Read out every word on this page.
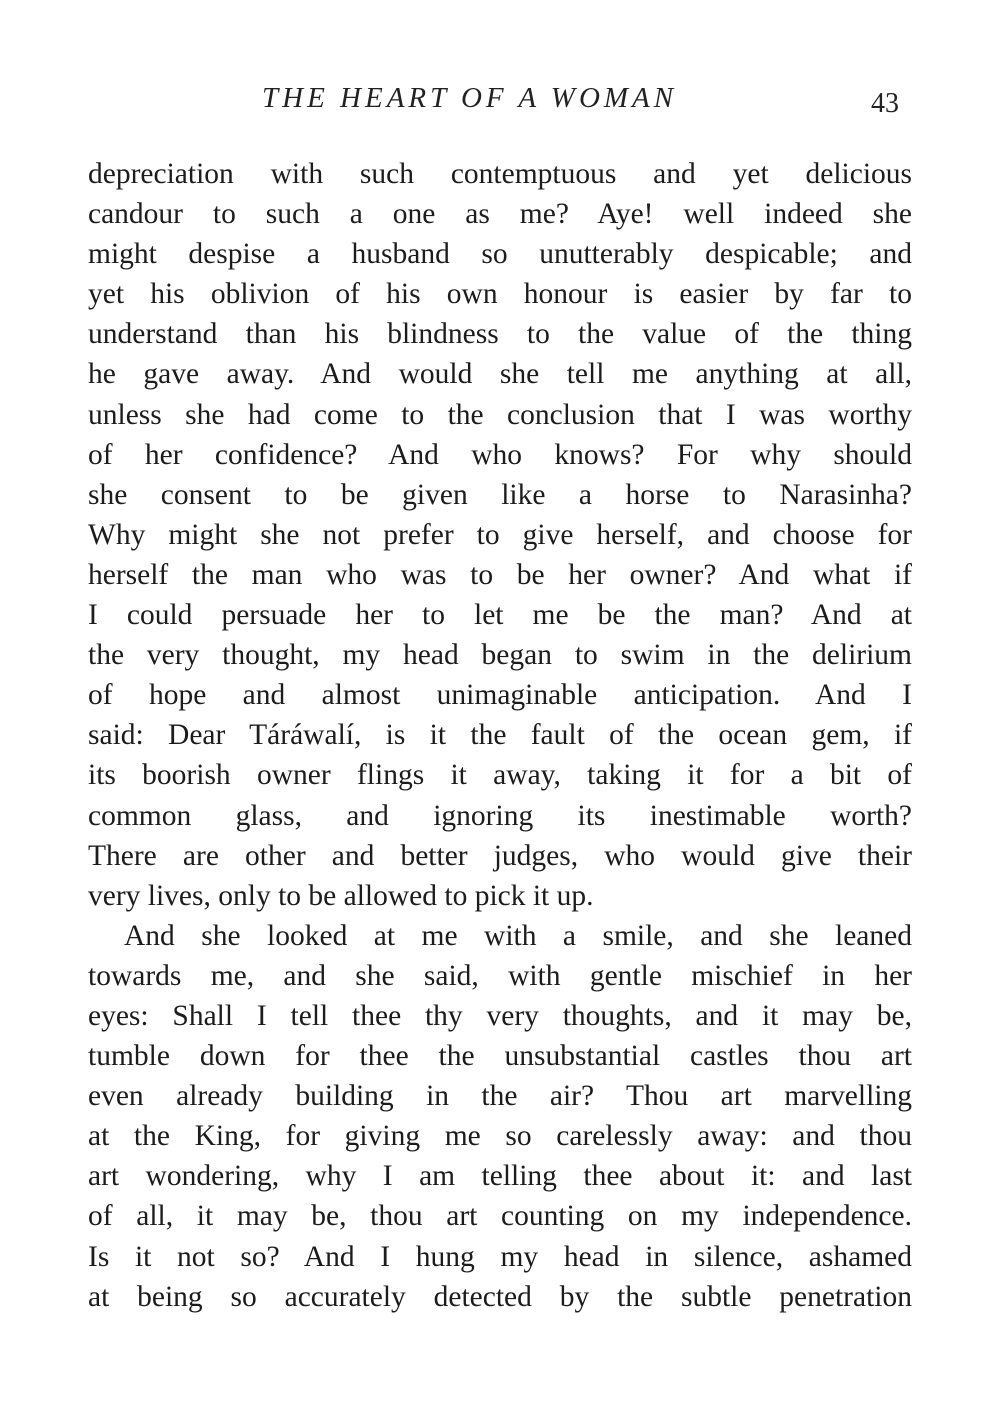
THE HEART OF A WOMAN	43
depreciation with such contemptuous and yet delicious
candour to such a one as me? Aye! well indeed she
might despise a husband so unutterably despicable; and
yet his oblivion of his own honour is easier by far to
understand than his blindness to the value of the thing
he gave away. And would she tell me anything at all,
unless she had come to the conclusion that I was worthy
of her confidence? And who knows? For why should
she consent to be given like a horse to Narasinha?
Why might she not prefer to give herself, and choose for
herself the man who was to be her owner? And what if
I could persuade her to let me be the man? And at
the very thought, my head began to swim in the delirium
of hope and almost unimaginable anticipation. And I
said: Dear Táráwalí, is it the fault of the ocean gem, if
its boorish owner flings it away, taking it for a bit of
common glass, and ignoring its inestimable worth?
There are other and better judges, who would give their
very lives, only to be allowed to pick it up.
And she looked at me with a smile, and she leaned
towards me, and she said, with gentle mischief in her
eyes: Shall I tell thee thy very thoughts, and it may be,
tumble down for thee the unsubstantial castles thou art
even already building in the air? Thou art marvelling
at the King, for giving me so carelessly away: and thou
art wondering, why I am telling thee about it: and last
of all, it may be, thou art counting on my independence.
Is it not so? And I hung my head in silence, ashamed
at being so accurately detected by the subtle penetration
